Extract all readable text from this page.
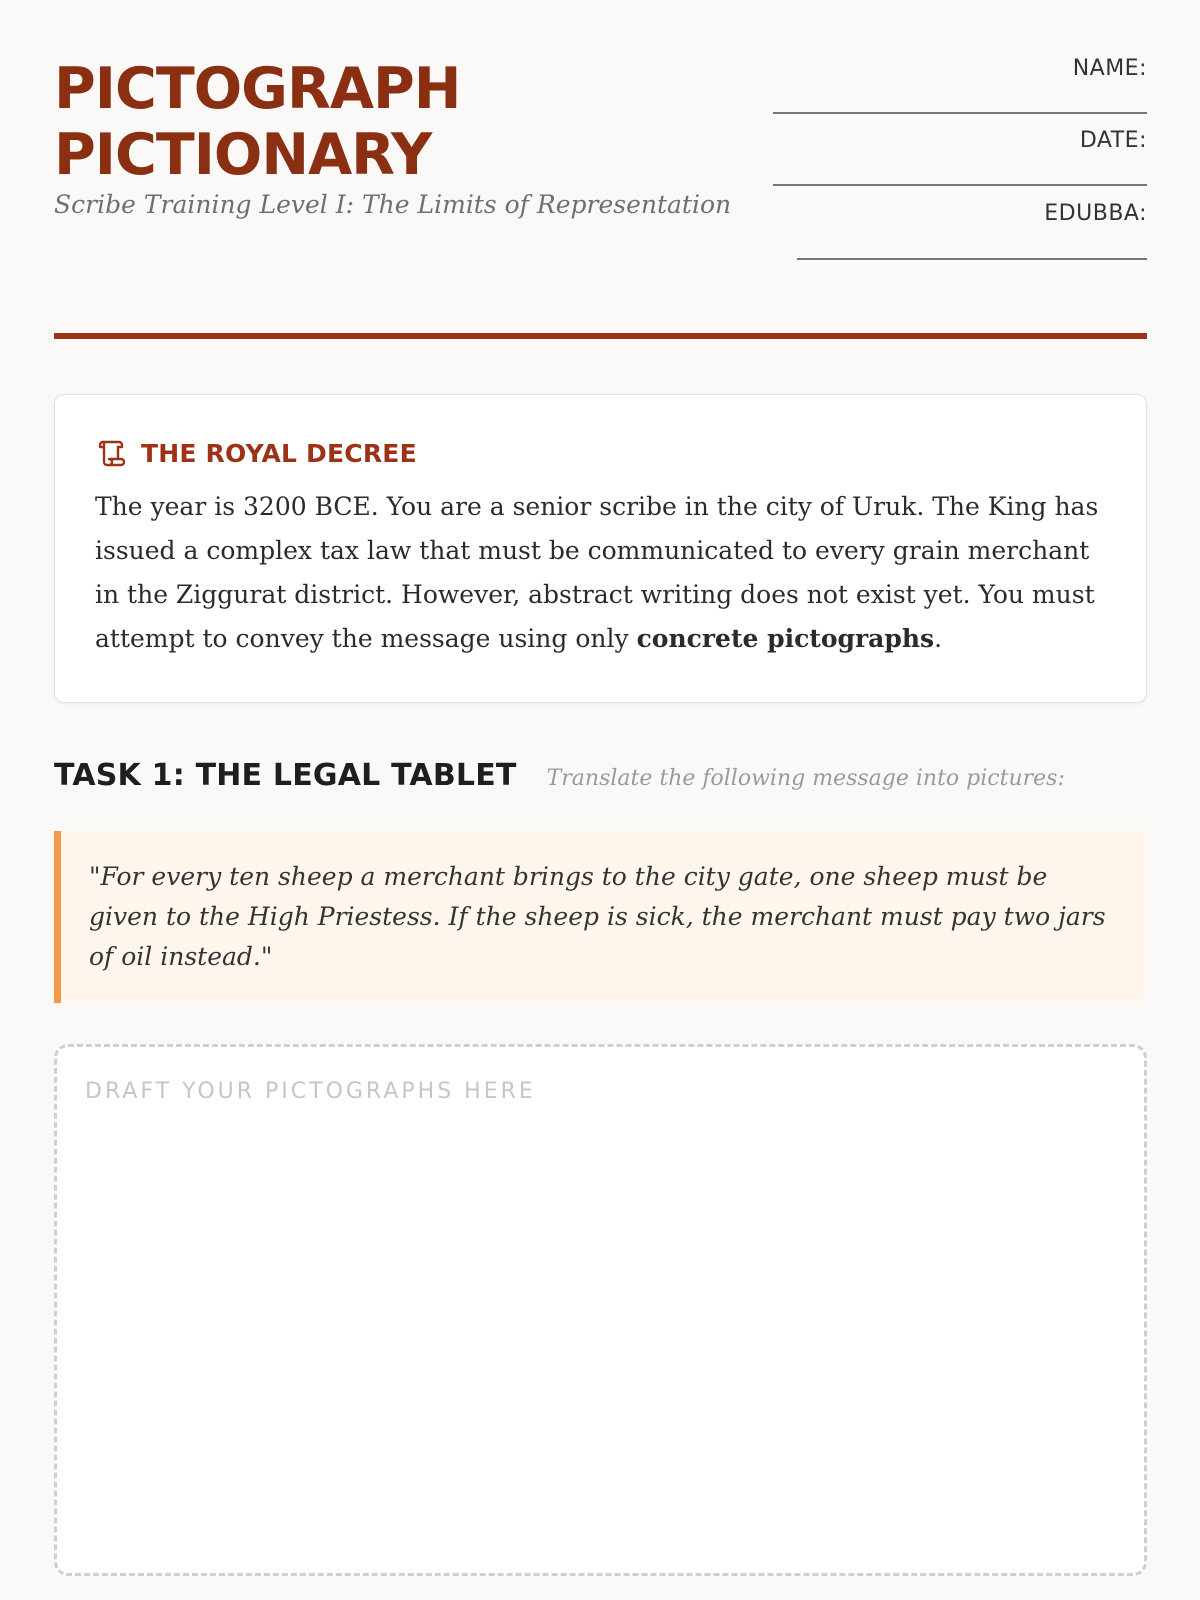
PICTOGRAPH
PICTIONARY
Scribe Training Level I: The Limits of Representation
NAME:
DATE:
EDUBBA:
THE ROYAL DECREE

The year is 3200 BCE. You are a senior scribe in the city of Uruk. The King has issued a complex tax law that must be communicated to every grain merchant in the Ziggurat district. However, abstract writing does not exist yet. You must attempt to convey the message using only concrete pictographs.

TASK 1: THE LEGAL TABLET Translate the following message into pictures:

"For every ten sheep a merchant brings to the city gate, one sheep must be given to the High Priestess. If the sheep is sick, the merchant must pay two jars of oil instead."

DRAFT YOUR PICTOGRAPHS HERE
